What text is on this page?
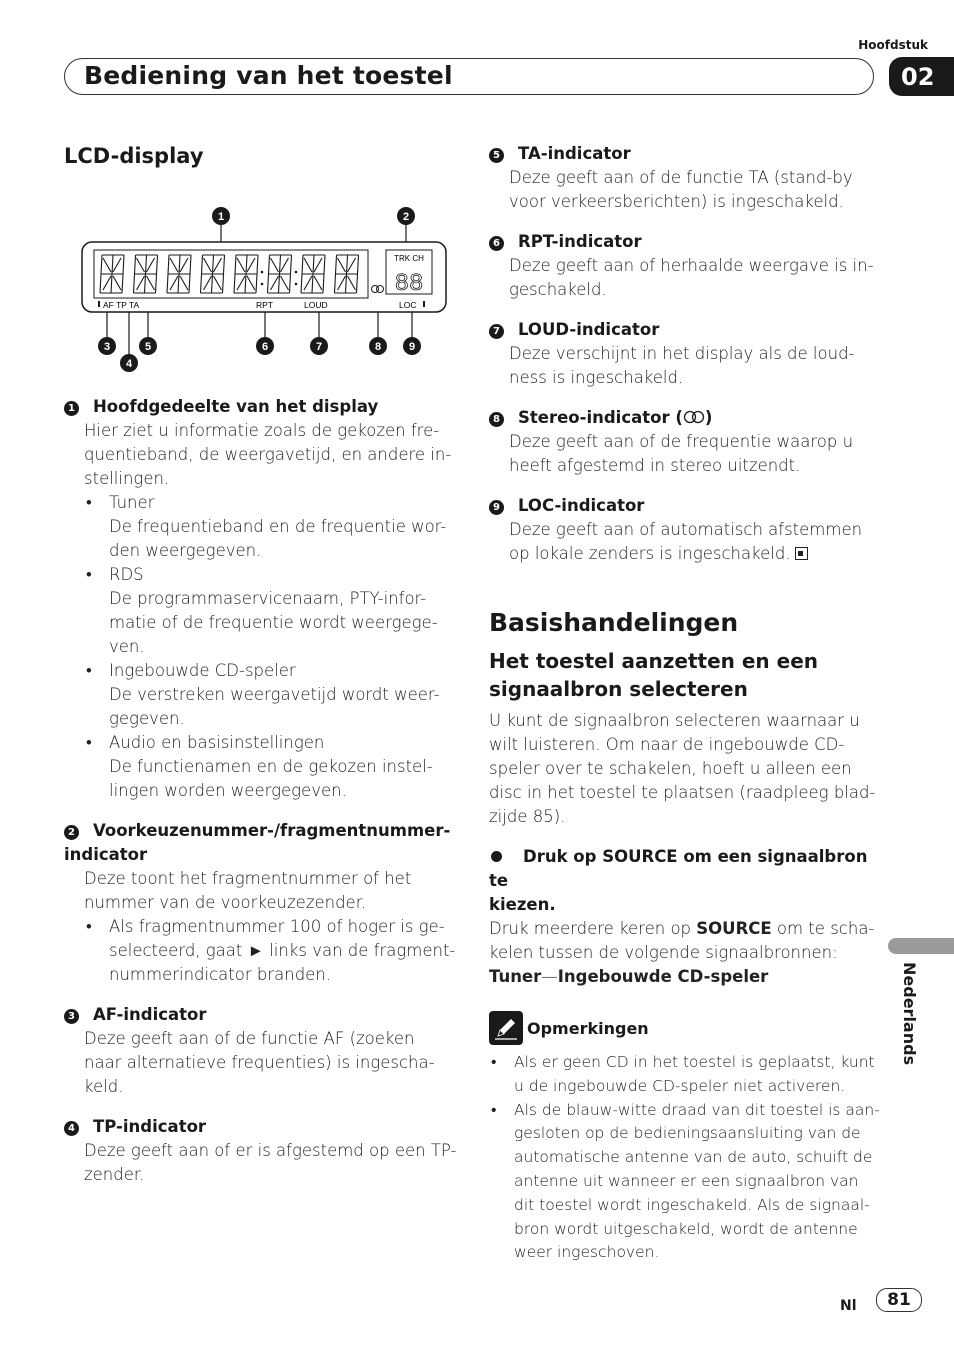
Hoofdstuk
Bediening van het toestel	02
LCD-display
TRK CH
88
AF TP TA	RPT	LOUD	LOC
1	2
3
4
5	6	7	8	9
1 Hoofdgedeelte van het display
Hier ziet u informatie zoals de gekozen fre-
quentieband, de weergavetijd, en andere in-
stellingen.
• Tuner
De frequentieband en de frequentie wor-
den weergegeven.
• RDS
De programmaservicenaam, PTY-infor-
matie of de frequentie wordt weergege-
ven.
• Ingebouwde CD-speler
De verstreken weergavetijd wordt weer-
gegeven.
• Audio en basisinstellingen
De functienamen en de gekozen instel-
lingen worden weergegeven.
2 Voorkeuzenummer-/fragmentnummer-
indicator
Deze toont het fragmentnummer of het
nummer van de voorkeuzezender.
• Als fragmentnummer 100 of hoger is ge-
selecteerd, gaat ► links van de fragment-
nummerindicator branden.
3 AF-indicator
Deze geeft aan of de functie AF (zoeken
naar alternatieve frequenties) is ingescha-
keld.
4 TP-indicator
Deze geeft aan of er is afgestemd op een TP-
zender.
5 TA-indicator
Deze geeft aan of de functie TA (stand-by
voor verkeersberichten) is ingeschakeld.
6 RPT-indicator
Deze geeft aan of herhaalde weergave is in-
geschakeld.
7 LOUD-indicator
Deze verschijnt in het display als de loud-
ness is ingeschakeld.
8 Stereo-indicator ( )
Deze geeft aan of de frequentie waarop u
heeft afgestemd in stereo uitzendt.
9 LOC-indicator
Deze geeft aan of automatisch afstemmen
op lokale zenders is ingeschakeld.
Basishandelingen
Het toestel aanzetten en een
signaalbron selecteren
U kunt de signaalbron selecteren waarnaar u
wilt luisteren. Om naar de ingebouwde CD-
speler over te schakelen, hoeft u alleen een
disc in het toestel te plaatsen (raadpleeg blad-
zijde 85).
Druk op SOURCE om een signaalbron te
kiezen.
Druk meerdere keren op SOURCE om te scha-
kelen tussen de volgende signaalbronnen:
Tuner—Ingebouwde CD-speler
Opmerkingen
• Als er geen CD in het toestel is geplaatst, kunt
u de ingebouwde CD-speler niet activeren.
• Als de blauw-witte draad van dit toestel is aan-
gesloten op de bedieningsaansluiting van de
automatische antenne van de auto, schuift de
antenne uit wanneer er een signaalbron van
dit toestel wordt ingeschakeld. Als de signaal-
bron wordt uitgeschakeld, wordt de antenne
weer ingeschoven.
Nederlands
Nl	81
